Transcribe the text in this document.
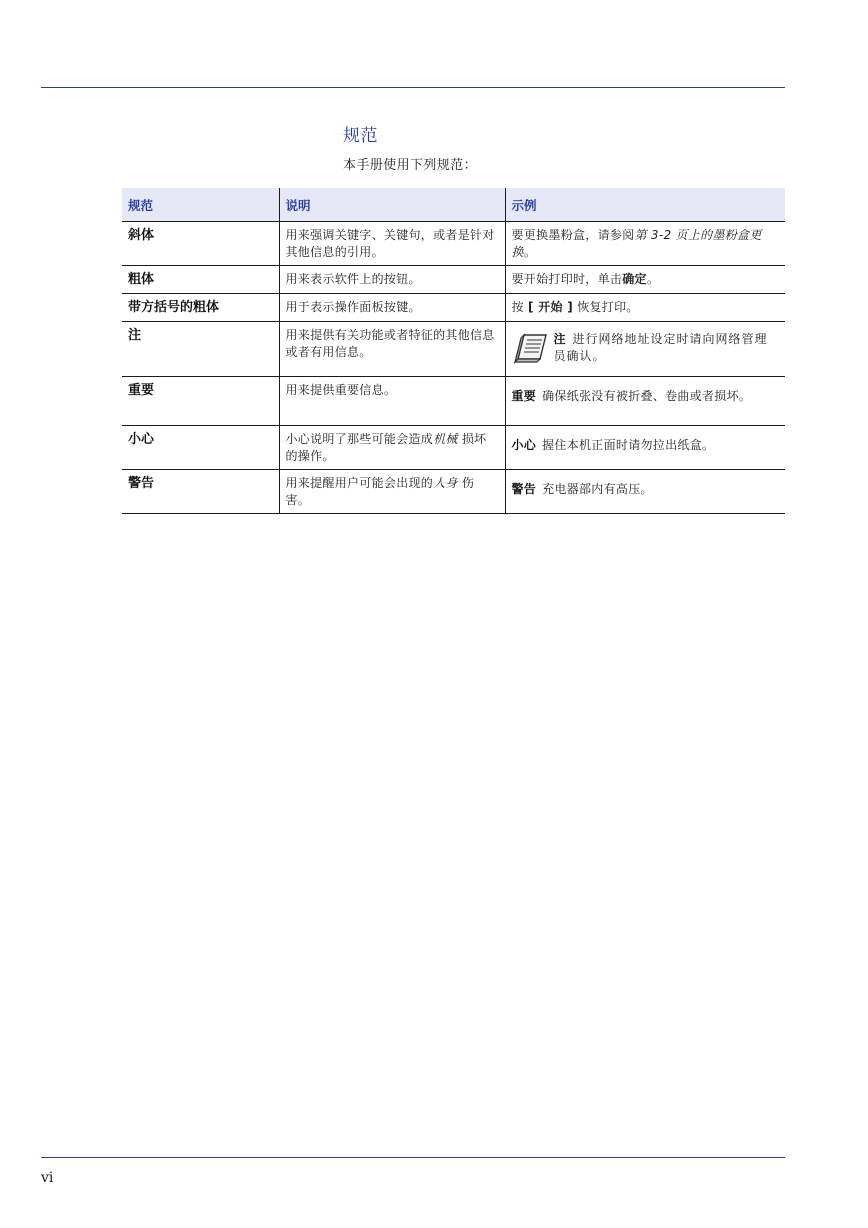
规范

本手册使用下列规范：

规范	说明	示例
斜体	用来强调关键字、关键句，或者是针对其他信息的引用。	要更换墨粉盒，请参阅第 3-2 页上的墨粉盒更换。
粗体	用来表示软件上的按钮。	要开始打印时，单击确定。
带方括号的粗体	用于表示操作面板按键。	按 [ 开始 ] 恢复打印。
注	用来提供有关功能或者特征的其他信息或者有用信息。	注 进行网络地址设定时请向网络管理员确认。

重要	用来提供重要信息。	重要 确保纸张没有被折叠、卷曲或者损坏。

小心	小心说明了那些可能会造成机械 损坏的操作。	小心 握住本机正面时请勿拉出纸盒。

警告	用来提醒用户可能会出现的人身 伤害。	警告 充电器部内有高压。
vi
